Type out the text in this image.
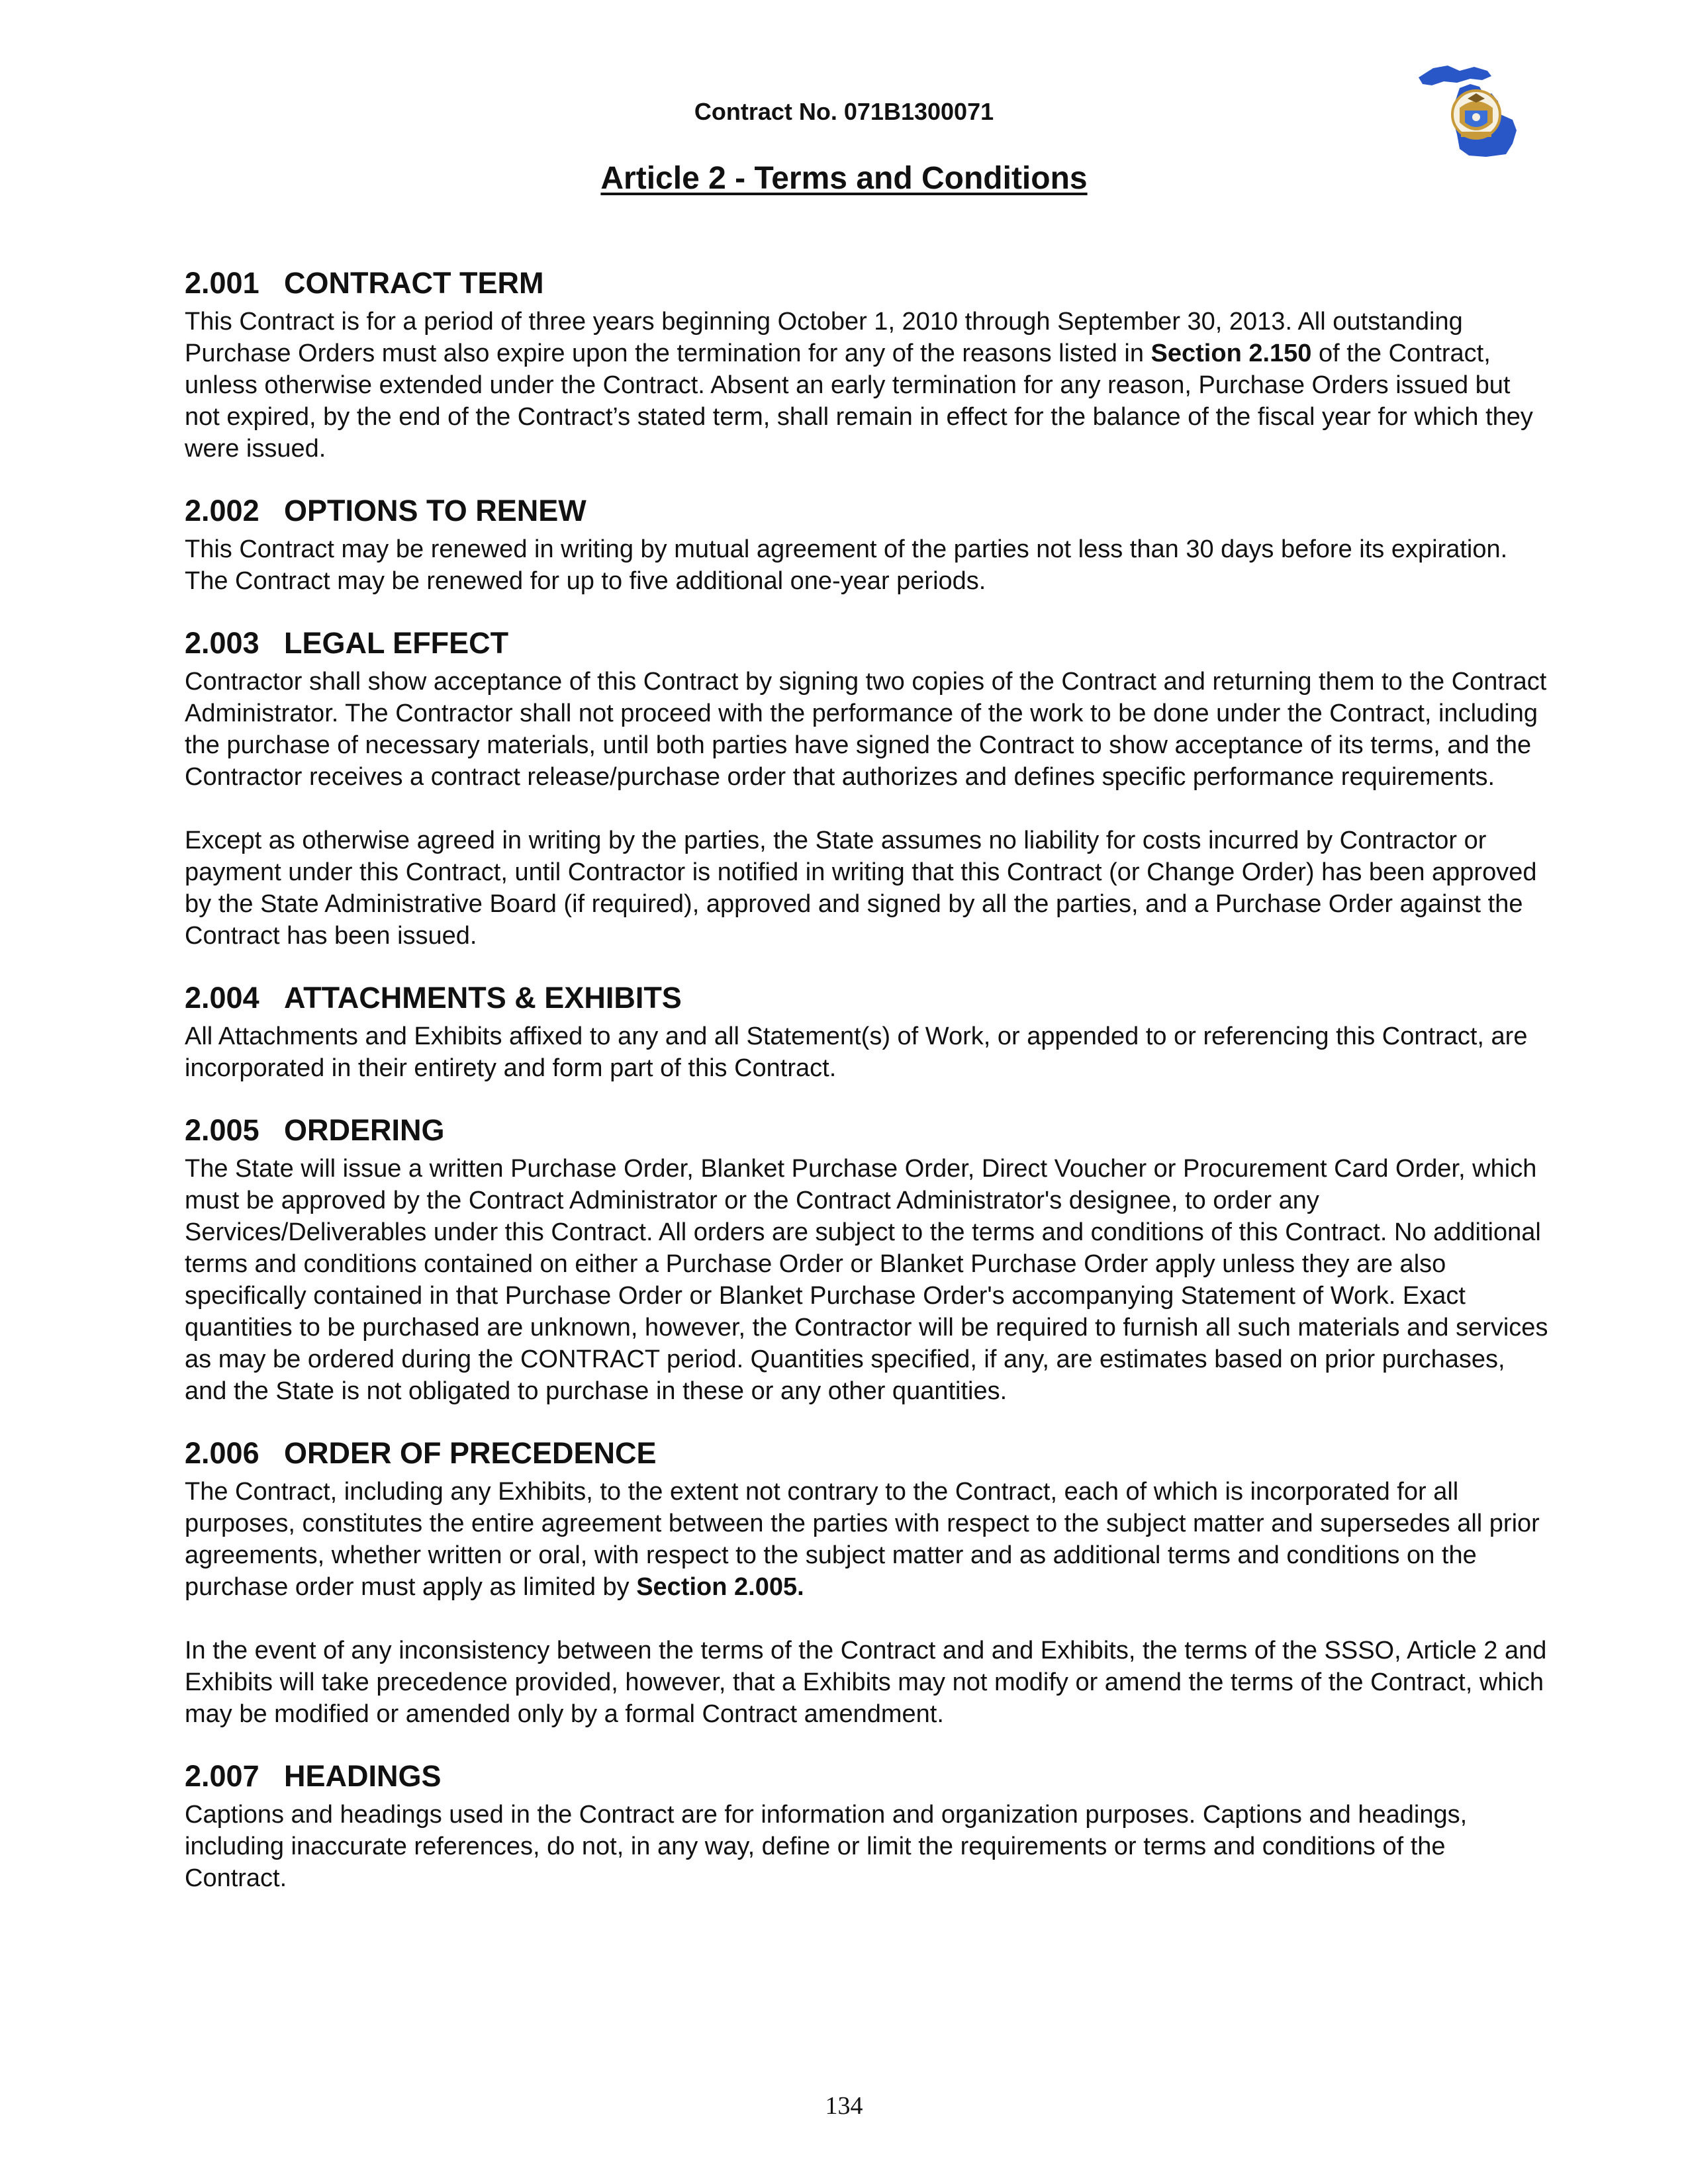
Contract No. 071B1300071
Article 2 - Terms and Conditions
2.001 CONTRACT TERM

This Contract is for a period of three years beginning October 1, 2010 through September 30, 2013. All outstanding Purchase Orders must also expire upon the termination for any of the reasons listed in Section 2.150 of the Contract, unless otherwise extended under the Contract. Absent an early termination for any reason, Purchase Orders issued but not expired, by the end of the Contract’s stated term, shall remain in effect for the balance of the fiscal year for which they were issued.

2.002 OPTIONS TO RENEW

This Contract may be renewed in writing by mutual agreement of the parties not less than 30 days before its expiration. The Contract may be renewed for up to five additional one-year periods.

2.003 LEGAL EFFECT

Contractor shall show acceptance of this Contract by signing two copies of the Contract and returning them to the Contract Administrator. The Contractor shall not proceed with the performance of the work to be done under the Contract, including the purchase of necessary materials, until both parties have signed the Contract to show acceptance of its terms, and the Contractor receives a contract release/purchase order that authorizes and defines specific performance requirements.

Except as otherwise agreed in writing by the parties, the State assumes no liability for costs incurred by Contractor or payment under this Contract, until Contractor is notified in writing that this Contract (or Change Order) has been approved by the State Administrative Board (if required), approved and signed by all the parties, and a Purchase Order against the Contract has been issued.

2.004 ATTACHMENTS & EXHIBITS

All Attachments and Exhibits affixed to any and all Statement(s) of Work, or appended to or referencing this Contract, are incorporated in their entirety and form part of this Contract.

2.005 ORDERING

The State will issue a written Purchase Order, Blanket Purchase Order, Direct Voucher or Procurement Card Order, which must be approved by the Contract Administrator or the Contract Administrator's designee, to order any Services/Deliverables under this Contract. All orders are subject to the terms and conditions of this Contract. No additional terms and conditions contained on either a Purchase Order or Blanket Purchase Order apply unless they are also specifically contained in that Purchase Order or Blanket Purchase Order's accompanying Statement of Work. Exact quantities to be purchased are unknown, however, the Contractor will be required to furnish all such materials and services as may be ordered during the CONTRACT period. Quantities specified, if any, are estimates based on prior purchases, and the State is not obligated to purchase in these or any other quantities.

2.006 ORDER OF PRECEDENCE

The Contract, including any Exhibits, to the extent not contrary to the Contract, each of which is incorporated for all purposes, constitutes the entire agreement between the parties with respect to the subject matter and supersedes all prior agreements, whether written or oral, with respect to the subject matter and as additional terms and conditions on the purchase order must apply as limited by Section 2.005.

In the event of any inconsistency between the terms of the Contract and and Exhibits, the terms of the SSSO, Article 2 and Exhibits will take precedence provided, however, that a Exhibits may not modify or amend the terms of the Contract, which may be modified or amended only by a formal Contract amendment.

2.007 HEADINGS

Captions and headings used in the Contract are for information and organization purposes. Captions and headings, including inaccurate references, do not, in any way, define or limit the requirements or terms and conditions of the Contract.

134
